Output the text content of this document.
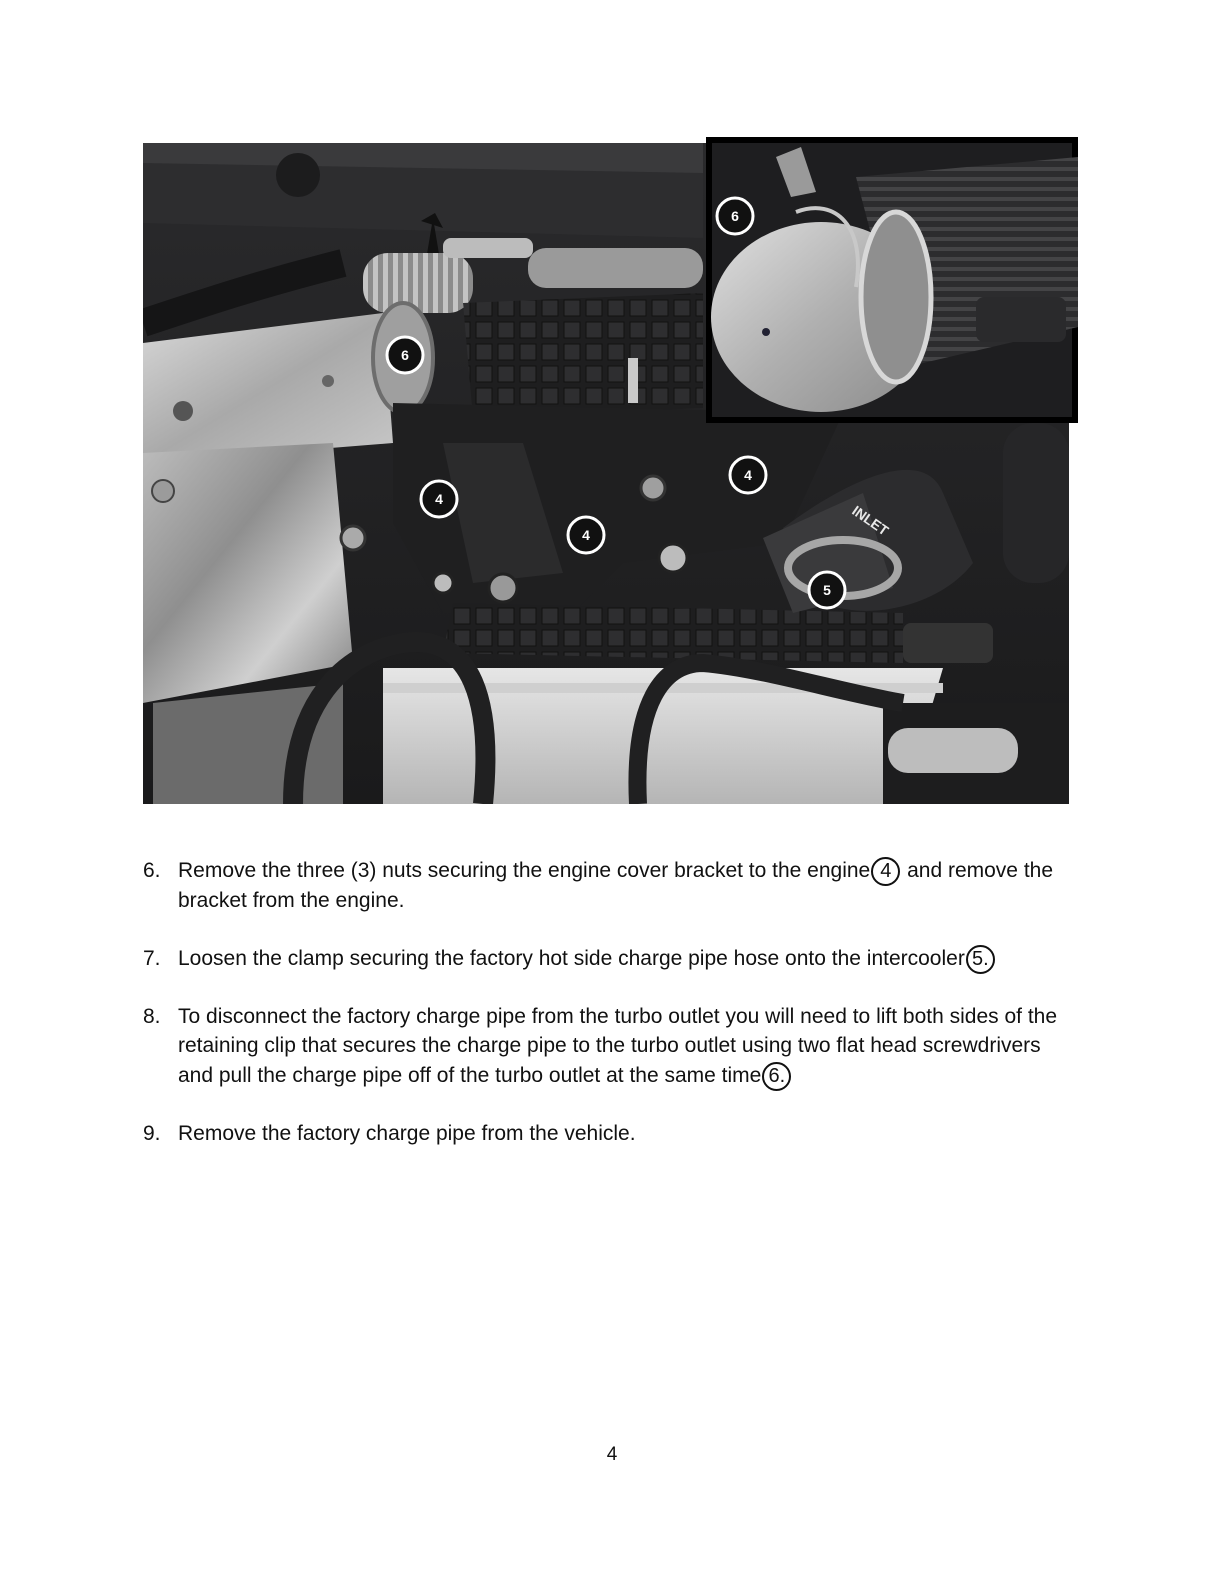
6
4
4
4
5
INLET
6
6. Remove the three (3) nuts securing the engine cover bracket to the engine 4 and remove the bracket from the engine.
7. Loosen the clamp securing the factory hot side charge pipe hose onto the intercooler 5.
8. To disconnect the factory charge pipe from the turbo outlet you will need to lift both sides of the retaining clip that secures the charge pipe to the turbo outlet using two flat head screwdrivers and pull the charge pipe off of the turbo outlet at the same time 6.
9. Remove the factory charge pipe from the vehicle.
4
